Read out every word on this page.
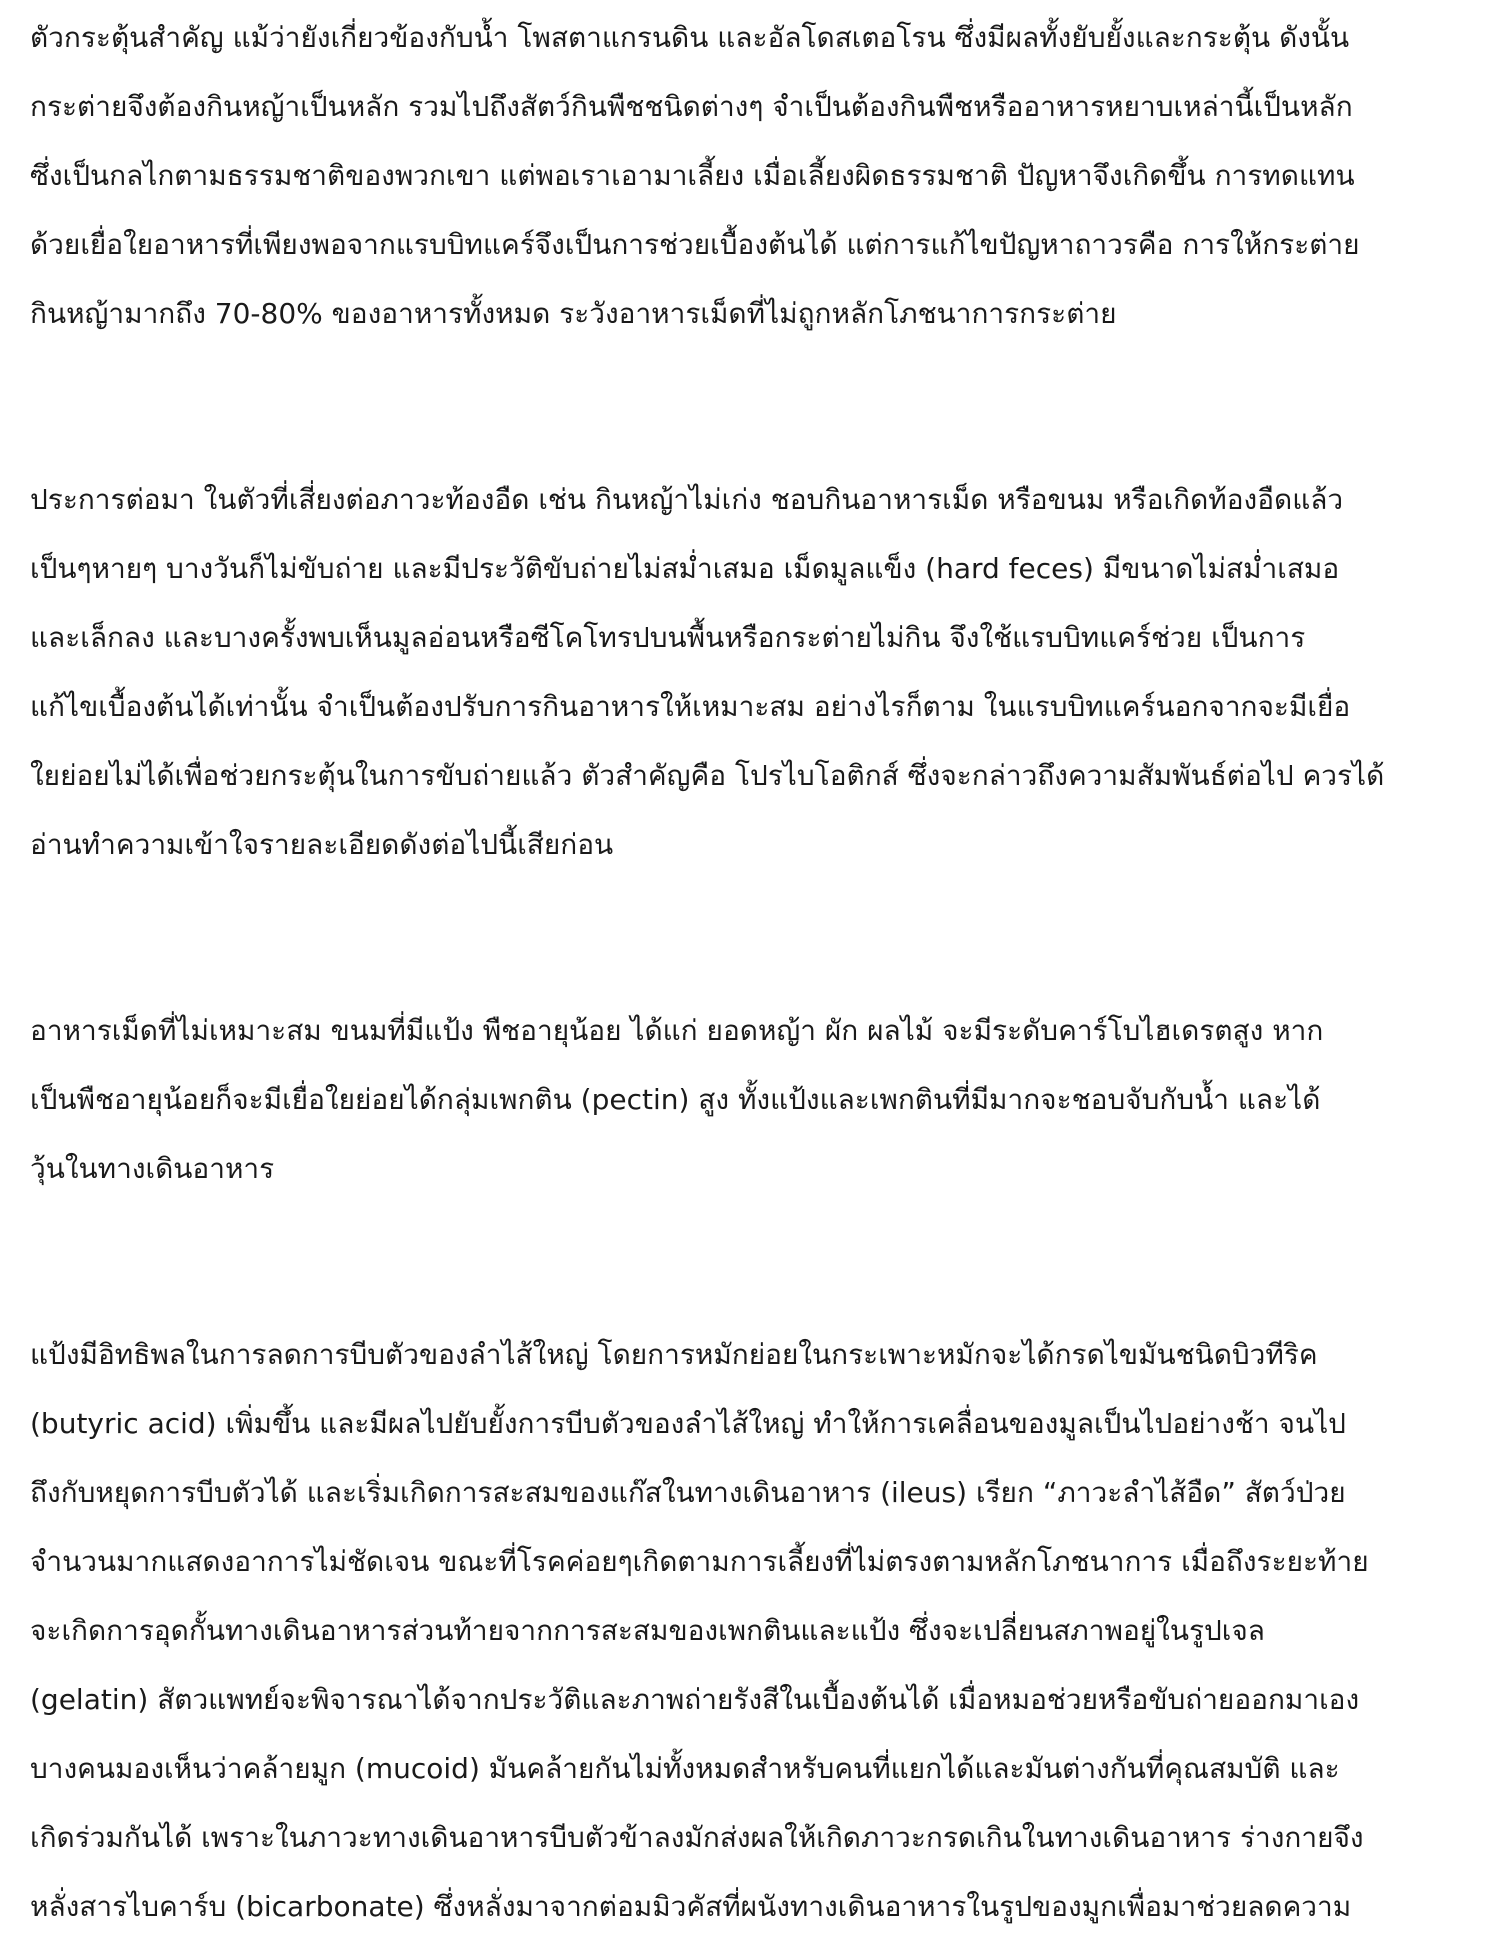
ตัวกระตุ้นสำคัญ แม้ว่ายังเกี่ยวข้องกับน้ำ โพสตาแกรนดิน และอัลโดสเตอโรน ซึ่งมีผลทั้งยับยั้งและกระตุ้น ดังนั้น
กระต่ายจึงต้องกินหญ้าเป็นหลัก รวมไปถึงสัตว์กินพืชชนิดต่างๆ จำเป็นต้องกินพืชหรืออาหารหยาบเหล่านี้เป็นหลัก
ซึ่งเป็นกลไกตามธรรมชาติของพวกเขา แต่พอเราเอามาเลี้ยง เมื่อเลี้ยงผิดธรรมชาติ ปัญหาจึงเกิดขึ้น การทดแทน
ด้วยเยื่อใยอาหารที่เพียงพอจากแรบบิทแคร์จึงเป็นการช่วยเบื้องต้นได้ แต่การแก้ไขปัญหาถาวรคือ การให้กระต่าย
กินหญ้ามากถึง 70-80% ของอาหารทั้งหมด ระวังอาหารเม็ดที่ไม่ถูกหลักโภชนาการกระต่าย

ประการต่อมา ในตัวที่เสี่ยงต่อภาวะท้องอืด เช่น กินหญ้าไม่เก่ง ชอบกินอาหารเม็ด หรือขนม หรือเกิดท้องอืดแล้ว
เป็นๆหายๆ บางวันก็ไม่ขับถ่าย และมีประวัติขับถ่ายไม่สม่ำเสมอ เม็ดมูลแข็ง (hard feces) มีขนาดไม่สม่ำเสมอ
และเล็กลง และบางครั้งพบเห็นมูลอ่อนหรือซีโคโทรปบนพื้นหรือกระต่ายไม่กิน จึงใช้แรบบิทแคร์ช่วย เป็นการ
แก้ไขเบื้องต้นได้เท่านั้น จำเป็นต้องปรับการกินอาหารให้เหมาะสม อย่างไรก็ตาม ในแรบบิทแคร์นอกจากจะมีเยื่อ
ใยย่อยไม่ได้เพื่อช่วยกระตุ้นในการขับถ่ายแล้ว ตัวสำคัญคือ โปรไบโอติกส์ ซึ่งจะกล่าวถึงความสัมพันธ์ต่อไป ควรได้
อ่านทำความเข้าใจรายละเอียดดังต่อไปนี้เสียก่อน

อาหารเม็ดที่ไม่เหมาะสม ขนมที่มีแป้ง พืชอายุน้อย ได้แก่ ยอดหญ้า ผัก ผลไม้ จะมีระดับคาร์โบไฮเดรตสูง หาก
เป็นพืชอายุน้อยก็จะมีเยื่อใยย่อยได้กลุ่มเพกติน (pectin) สูง ทั้งแป้งและเพกตินที่มีมากจะชอบจับกับน้ำ และได้
วุ้นในทางเดินอาหาร

แป้งมีอิทธิพลในการลดการบีบตัวของลำไส้ใหญ่ โดยการหมักย่อยในกระเพาะหมักจะได้กรดไขมันชนิดบิวทีริค
(butyric acid) เพิ่มขึ้น และมีผลไปยับยั้งการบีบตัวของลำไส้ใหญ่ ทำให้การเคลื่อนของมูลเป็นไปอย่างช้า จนไป
ถึงกับหยุดการบีบตัวได้ และเริ่มเกิดการสะสมของแก๊สในทางเดินอาหาร (ileus) เรียก “ภาวะลำไส้อืด” สัตว์ป่วย
จำนวนมากแสดงอาการไม่ชัดเจน ขณะที่โรคค่อยๆเกิดตามการเลี้ยงที่ไม่ตรงตามหลักโภชนาการ เมื่อถึงระยะท้าย
จะเกิดการอุดกั้นทางเดินอาหารส่วนท้ายจากการสะสมของเพกตินและแป้ง ซึ่งจะเปลี่ยนสภาพอยู่ในรูปเจล
(gelatin) สัตวแพทย์จะพิจารณาได้จากประวัติและภาพถ่ายรังสีในเบื้องต้นได้ เมื่อหมอช่วยหรือขับถ่ายออกมาเอง
บางคนมองเห็นว่าคล้ายมูก (mucoid) มันคล้ายกันไม่ทั้งหมดสำหรับคนที่แยกได้และมันต่างกันที่คุณสมบัติ และ
เกิดร่วมกันได้ เพราะในภาวะทางเดินอาหารบีบตัวข้าลงมักส่งผลให้เกิดภาวะกรดเกินในทางเดินอาหาร ร่างกายจึง
หลั่งสารไบคาร์บ (bicarbonate) ซึ่งหลั่งมาจากต่อมมิวคัสที่ผนังทางเดินอาหารในรูปของมูกเพื่อมาช่วยลดความ
